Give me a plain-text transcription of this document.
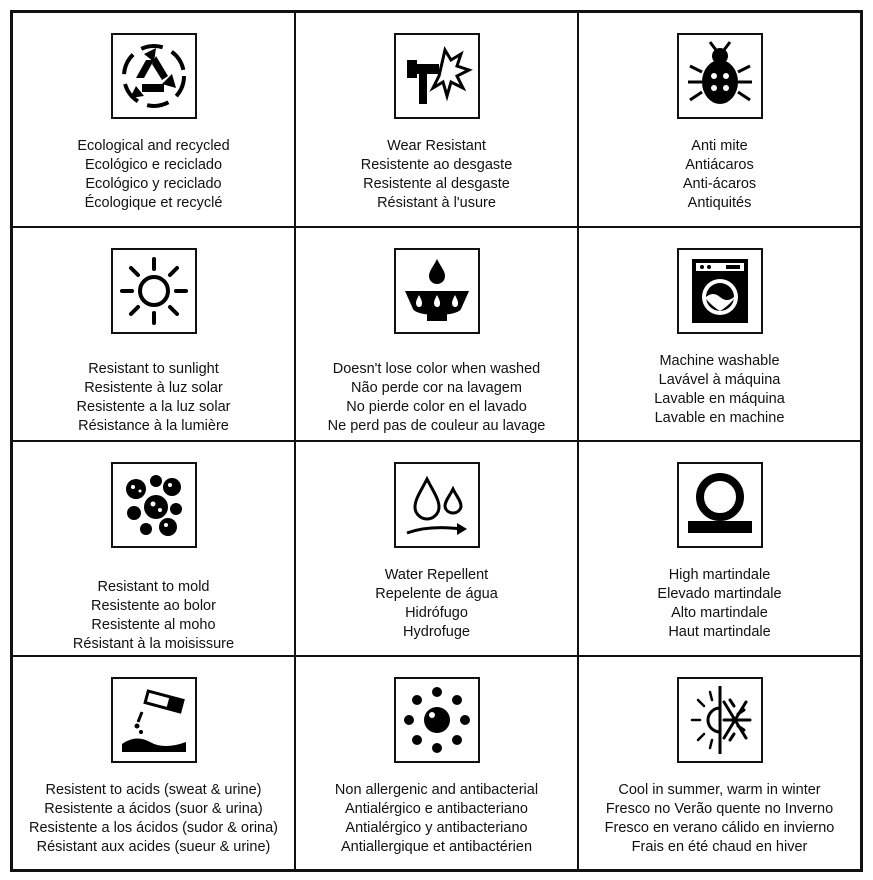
Ecological and recycled
Ecológico e reciclado
Ecológico y reciclado
Écologique et recyclé
Wear Resistant
Resistente ao desgaste
Resistente al desgaste
Résistant à l'usure
Anti mite
Antiácaros
Anti-ácaros
Antiquités
Resistant to sunlight
Resistente à luz solar
Resistente a la luz solar
Résistance à la lumière
Doesn't lose color when washed
Não perde cor na lavagem
No pierde color en el lavado
Ne perd pas de couleur au lavage
Machine washable
Lavável à máquina
Lavable en máquina
Lavable en machine
Resistant to mold
Resistente ao bolor
Resistente al moho
Résistant à la moisissure
Water Repellent
Repelente de água
Hidrófugo
Hydrofuge
High martindale
Elevado martindale
Alto martindale
Haut martindale
Resistent to acids (sweat & urine)
Resistente a ácidos (suor & urina)
Resistente a los ácidos (sudor & orina)
Résistant aux acides (sueur & urine)
Non allergenic and antibacterial
Antialérgico e antibacteriano
Antialérgico y antibacteriano
Antiallergique et antibactérien
Cool in summer, warm in winter
Fresco no Verão quente no Inverno
Fresco en verano cálido en invierno
Frais en été chaud en hiver
